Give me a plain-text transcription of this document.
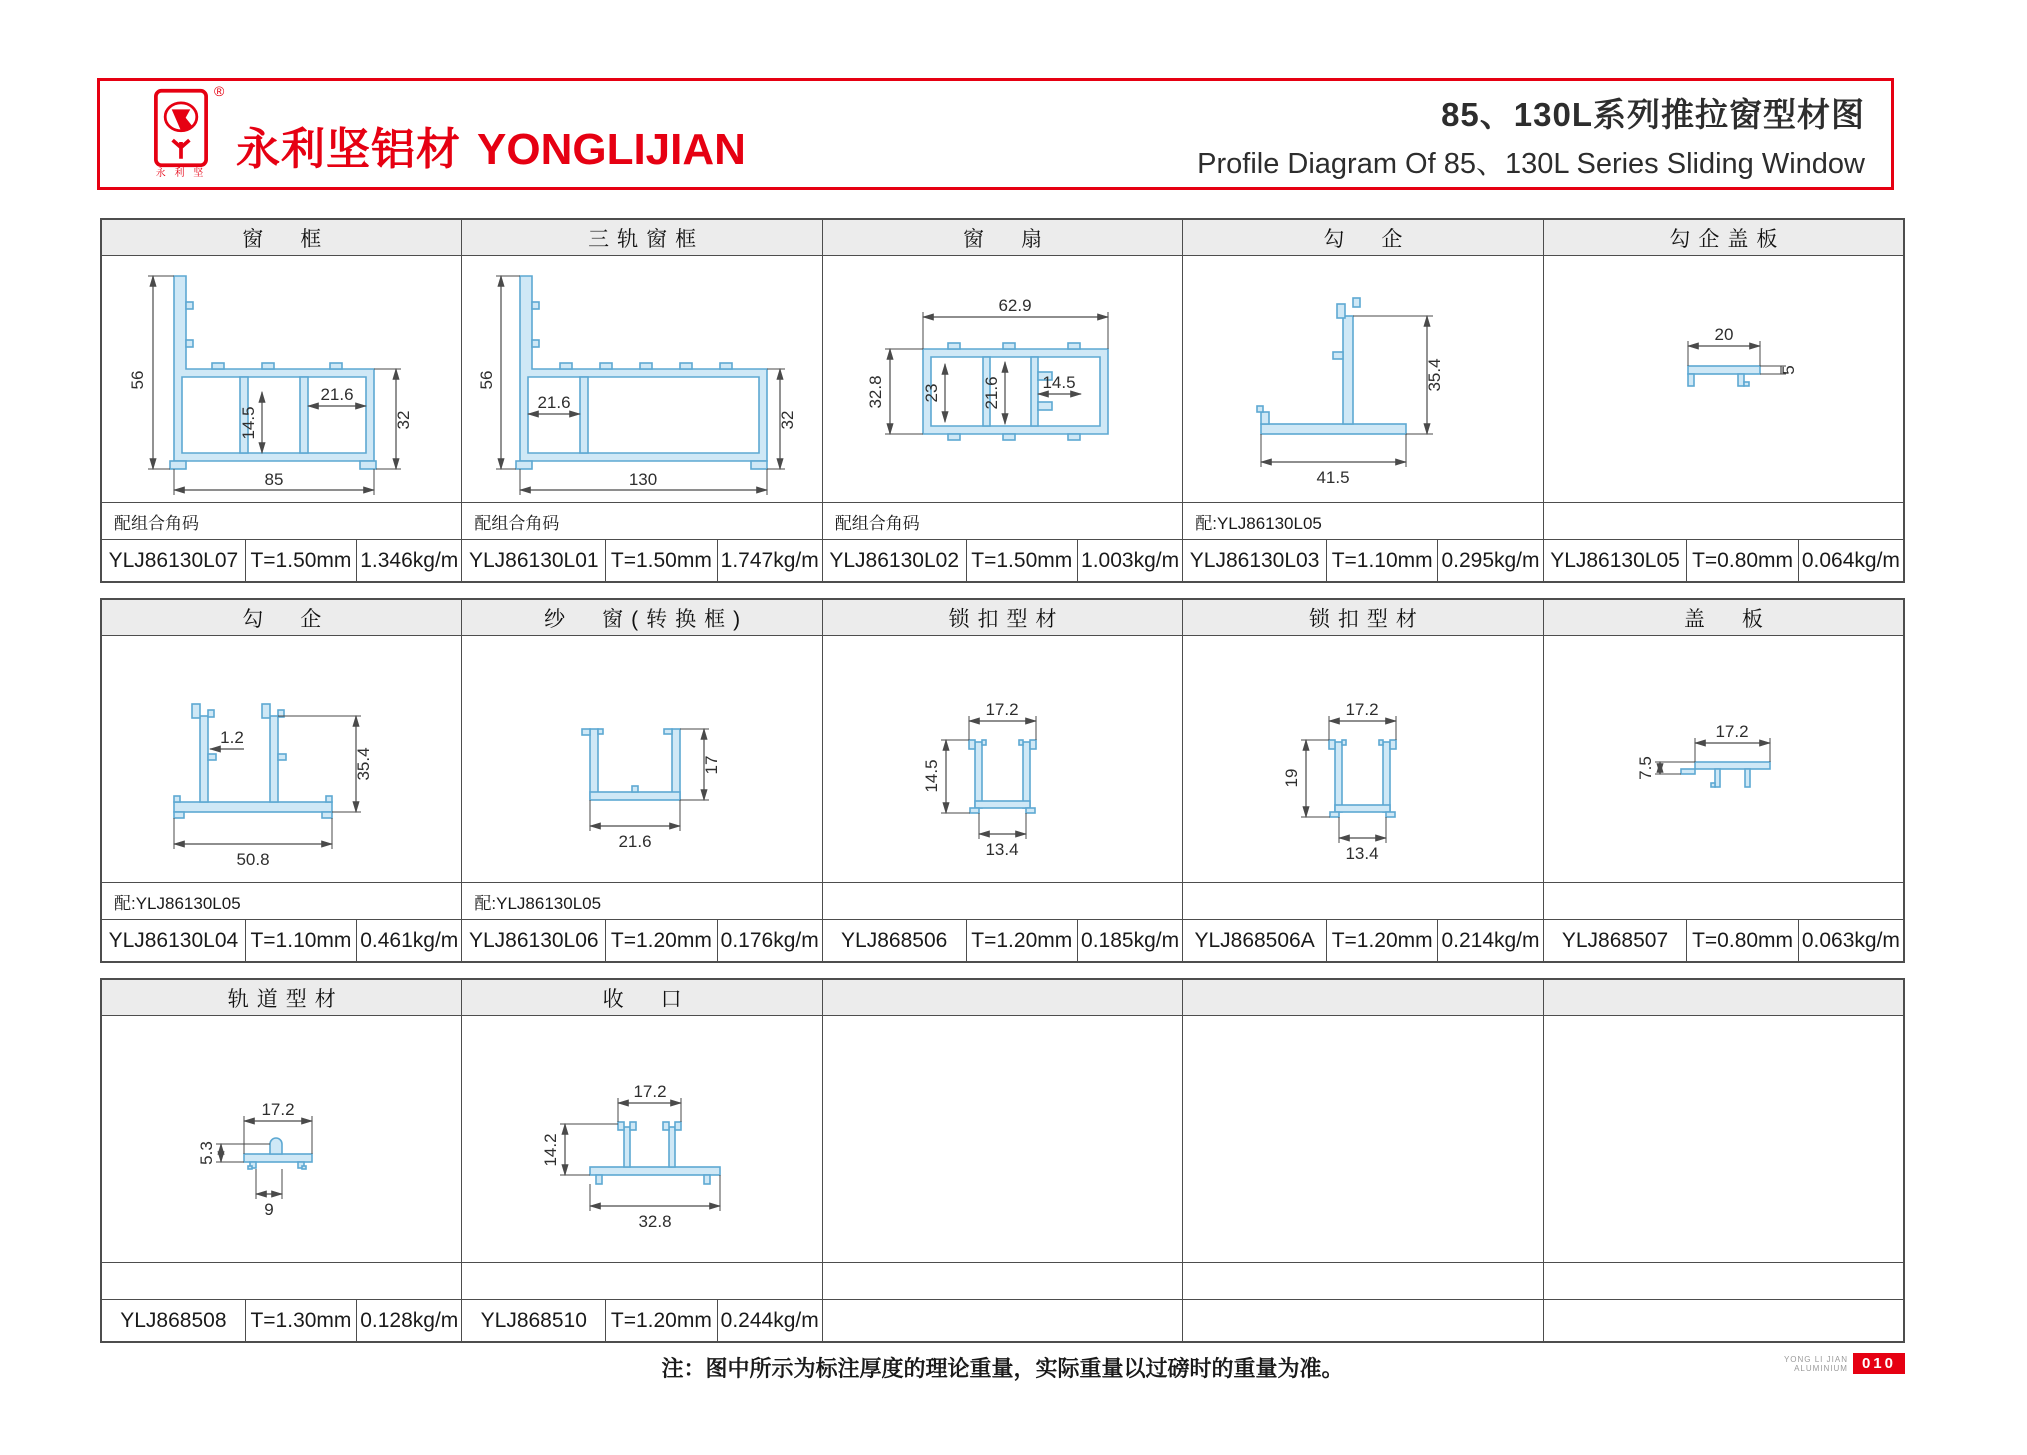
永 利 坚
®
永利坚铝材 YONGLIJIAN
85、130L系列推拉窗型材图
Profile Diagram Of 85、130L Series Sliding Window
窗　框
56
85
14.5
21.6
32
配组合角码
YLJ86130L07 T=1.50mm 1.346kg/m
三轨窗框
56
21.6
32
130
配组合角码
YLJ86130L01 T=1.50mm 1.747kg/m
窗　扇
62.9
32.8 23 21.6 14.5
配组合角码
YLJ86130L02 T=1.50mm 1.003kg/m
勾　企
35.4
41.5
配:YLJ86130L05
YLJ86130L03 T=1.10mm 0.295kg/m
勾企盖板
20
5
YLJ86130L05 T=0.80mm 0.064kg/m
勾　企
1.2
35.4
50.8
配:YLJ86130L05
YLJ86130L04 T=1.10mm 0.461kg/m
纱　窗(转换框)
17
21.6
配:YLJ86130L05
YLJ86130L06 T=1.20mm 0.176kg/m
锁扣型材
17.2
14.5
13.4
YLJ868506	T=1.20mm 0.185kg/m
锁扣型材
17.2
19
13.4
YLJ868506A T=1.20mm 0.214kg/m
盖　板
17.2
7.5
YLJ868507	T=0.80mm 0.063kg/m
轨道型材
17.2
5.3
9
YLJ868508	T=1.30mm 0.128kg/m
收　口
17.2
14.2
32.8
YLJ868510	T=1.20mm 0.244kg/m
注：图中所示为标注厚度的理论重量，实际重量以过磅时的重量为准。	YONG LI JIAN
ALUMINIUM 010
